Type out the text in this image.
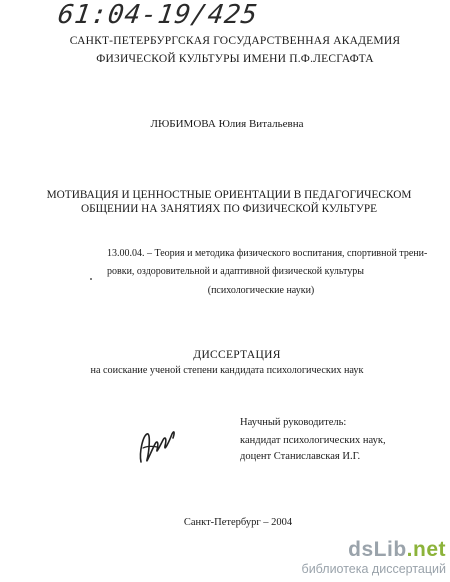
61:04-19/425
САНКТ-ПЕТЕРБУРГСКАЯ ГОСУДАРСТВЕННАЯ АКАДЕМИЯ
ФИЗИЧЕСКОЙ КУЛЬТУРЫ ИМЕНИ П.Ф.ЛЕСГАФТА
ЛЮБИМОВА Юлия Витальевна
МОТИВАЦИЯ И ЦЕННОСТНЫЕ ОРИЕНТАЦИИ В ПЕДАГОГИЧЕСКОМ
ОБЩЕНИИ НА ЗАНЯТИЯХ ПО ФИЗИЧЕСКОЙ КУЛЬТУРЕ
13.00.04. – Теория и методика физического воспитания, спортивной трени-
ровки, оздоровительной и адаптивной физической культуры
(психологические науки)
ДИССЕРТАЦИЯ
на соискание ученой степени кандидата психологических наук
Научный руководитель:
кандидат психологических наук,
доцент Станиславская И.Г.
Санкт-Петербург – 2004
dsLib.net
библиотека диссертаций
